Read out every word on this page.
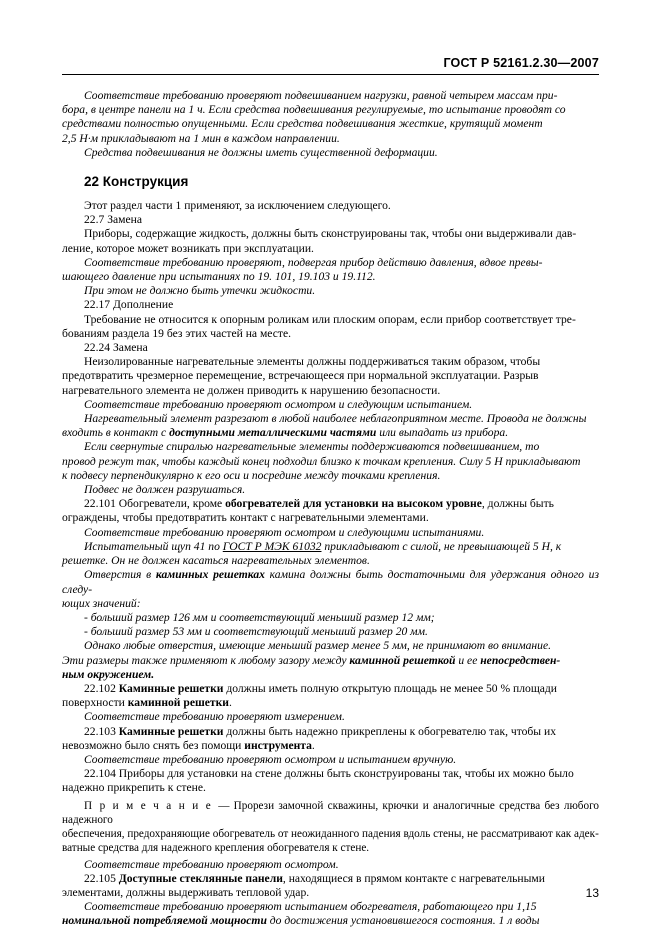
ГОСТ Р 52161.2.30—2007

Соответствие требованию проверяют подвешиванием нагрузки, равной четырем массам при-

бора, в центре панели на 1 ч. Если средства подвешивания регулируемые, то испытание проводят со

средствами полностью опущенными. Если средства подвешивания жесткие, крутящий момент

2,5 Н·м прикладывают на 1 мин в каждом направлении.

Средства подвешивания не должны иметь существенной деформации.

22 Конструкция

Этот раздел части 1 применяют, за исключением следующего.

22.7 Замена

Приборы, содержащие жидкость, должны быть сконструированы так, чтобы они выдерживали дав-

ление, которое может возникать при эксплуатации.

Соответствие требованию проверяют, подвергая прибор действию давления, вдвое превы-

шающего давление при испытаниях по 19. 101, 19.103 и 19.112.

При этом не должно быть утечки жидкости.

22.17 Дополнение

Требование не относится к опорным роликам или плоским опорам, если прибор соответствует тре-

бованиям раздела 19 без этих частей на месте.

22.24 Замена

Неизолированные нагревательные элементы должны поддерживаться таким образом, чтобы

предотвратить чрезмерное перемещение, встречающееся при нормальной эксплуатации. Разрыв

нагревательного элемента не должен приводить к нарушению безопасности.

Соответствие требованию проверяют осмотром и следующим испытанием.

Нагревательный элемент разрезают в любой наиболее неблагоприятном месте. Провода не должны

входить в контакт с доступными металлическими частями или выпадать из прибора.

Если свернутые спиралью нагревательные элементы поддерживаются подвешиванием, то

провод режут так, чтобы каждый конец подходил близко к точкам крепления. Силу 5 Н прикладывают

к подвесу перпендикулярно к его оси и посредине между точками крепления.

Подвес не должен разрушаться.

22.101 Обогреватели, кроме обогревателей для установки на высоком уровне, должны быть

ограждены, чтобы предотвратить контакт с нагревательными элементами.

Соответствие требованию проверяют осмотром и следующими испытаниями.

Испытательный щуп 41 по ГОСТ Р МЭК 61032 прикладывают с силой, не превышающей 5 Н, к

решетке. Он не должен касаться нагревательных элементов.

Отверстия в каминных решетках камина должны быть достаточными для удержания одного из следу-

ющих значений:

- больший размер 126 мм и соответствующий меньший размер 12 мм;

- больший размер 53 мм и соответствующий меньший размер 20 мм.

Однако любые отверстия, имеющие меньший размер менее 5 мм, не принимают во внимание.

Эти размеры также применяют к любому зазору между каминной решеткой и ее непосредствен-

ным окружением.

22.102 Каминные решетки должны иметь полную открытую площадь не менее 50 % площади

поверхности каминной решетки.

Соответствие требованию проверяют измерением.

22.103 Каминные решетки должны быть надежно прикреплены к обогревателю так, чтобы их

невозможно было снять без помощи инструмента.

Соответствие требованию проверяют осмотром и испытанием вручную.

22.104 Приборы для установки на стене должны быть сконструированы так, чтобы их можно было

надежно прикрепить к стене.

П р и м е ч а н и е — Прорези замочной скважины, крючки и аналогичные средства без любого надежного

обеспечения, предохраняющие обогреватель от неожиданного падения вдоль стены, не рассматривают как адек-

ватные средства для надежного крепления обогревателя к стене.

Соответствие требованию проверяют осмотром.

22.105 Доступные стеклянные панели, находящиеся в прямом контакте с нагревательными

элементами, должны выдерживать тепловой удар.

Соответствие требованию проверяют испытанием обогревателя, работающего при 1,15

номинальной потребляемой мощности до достижения установившегося состояния. 1 л воды

13
